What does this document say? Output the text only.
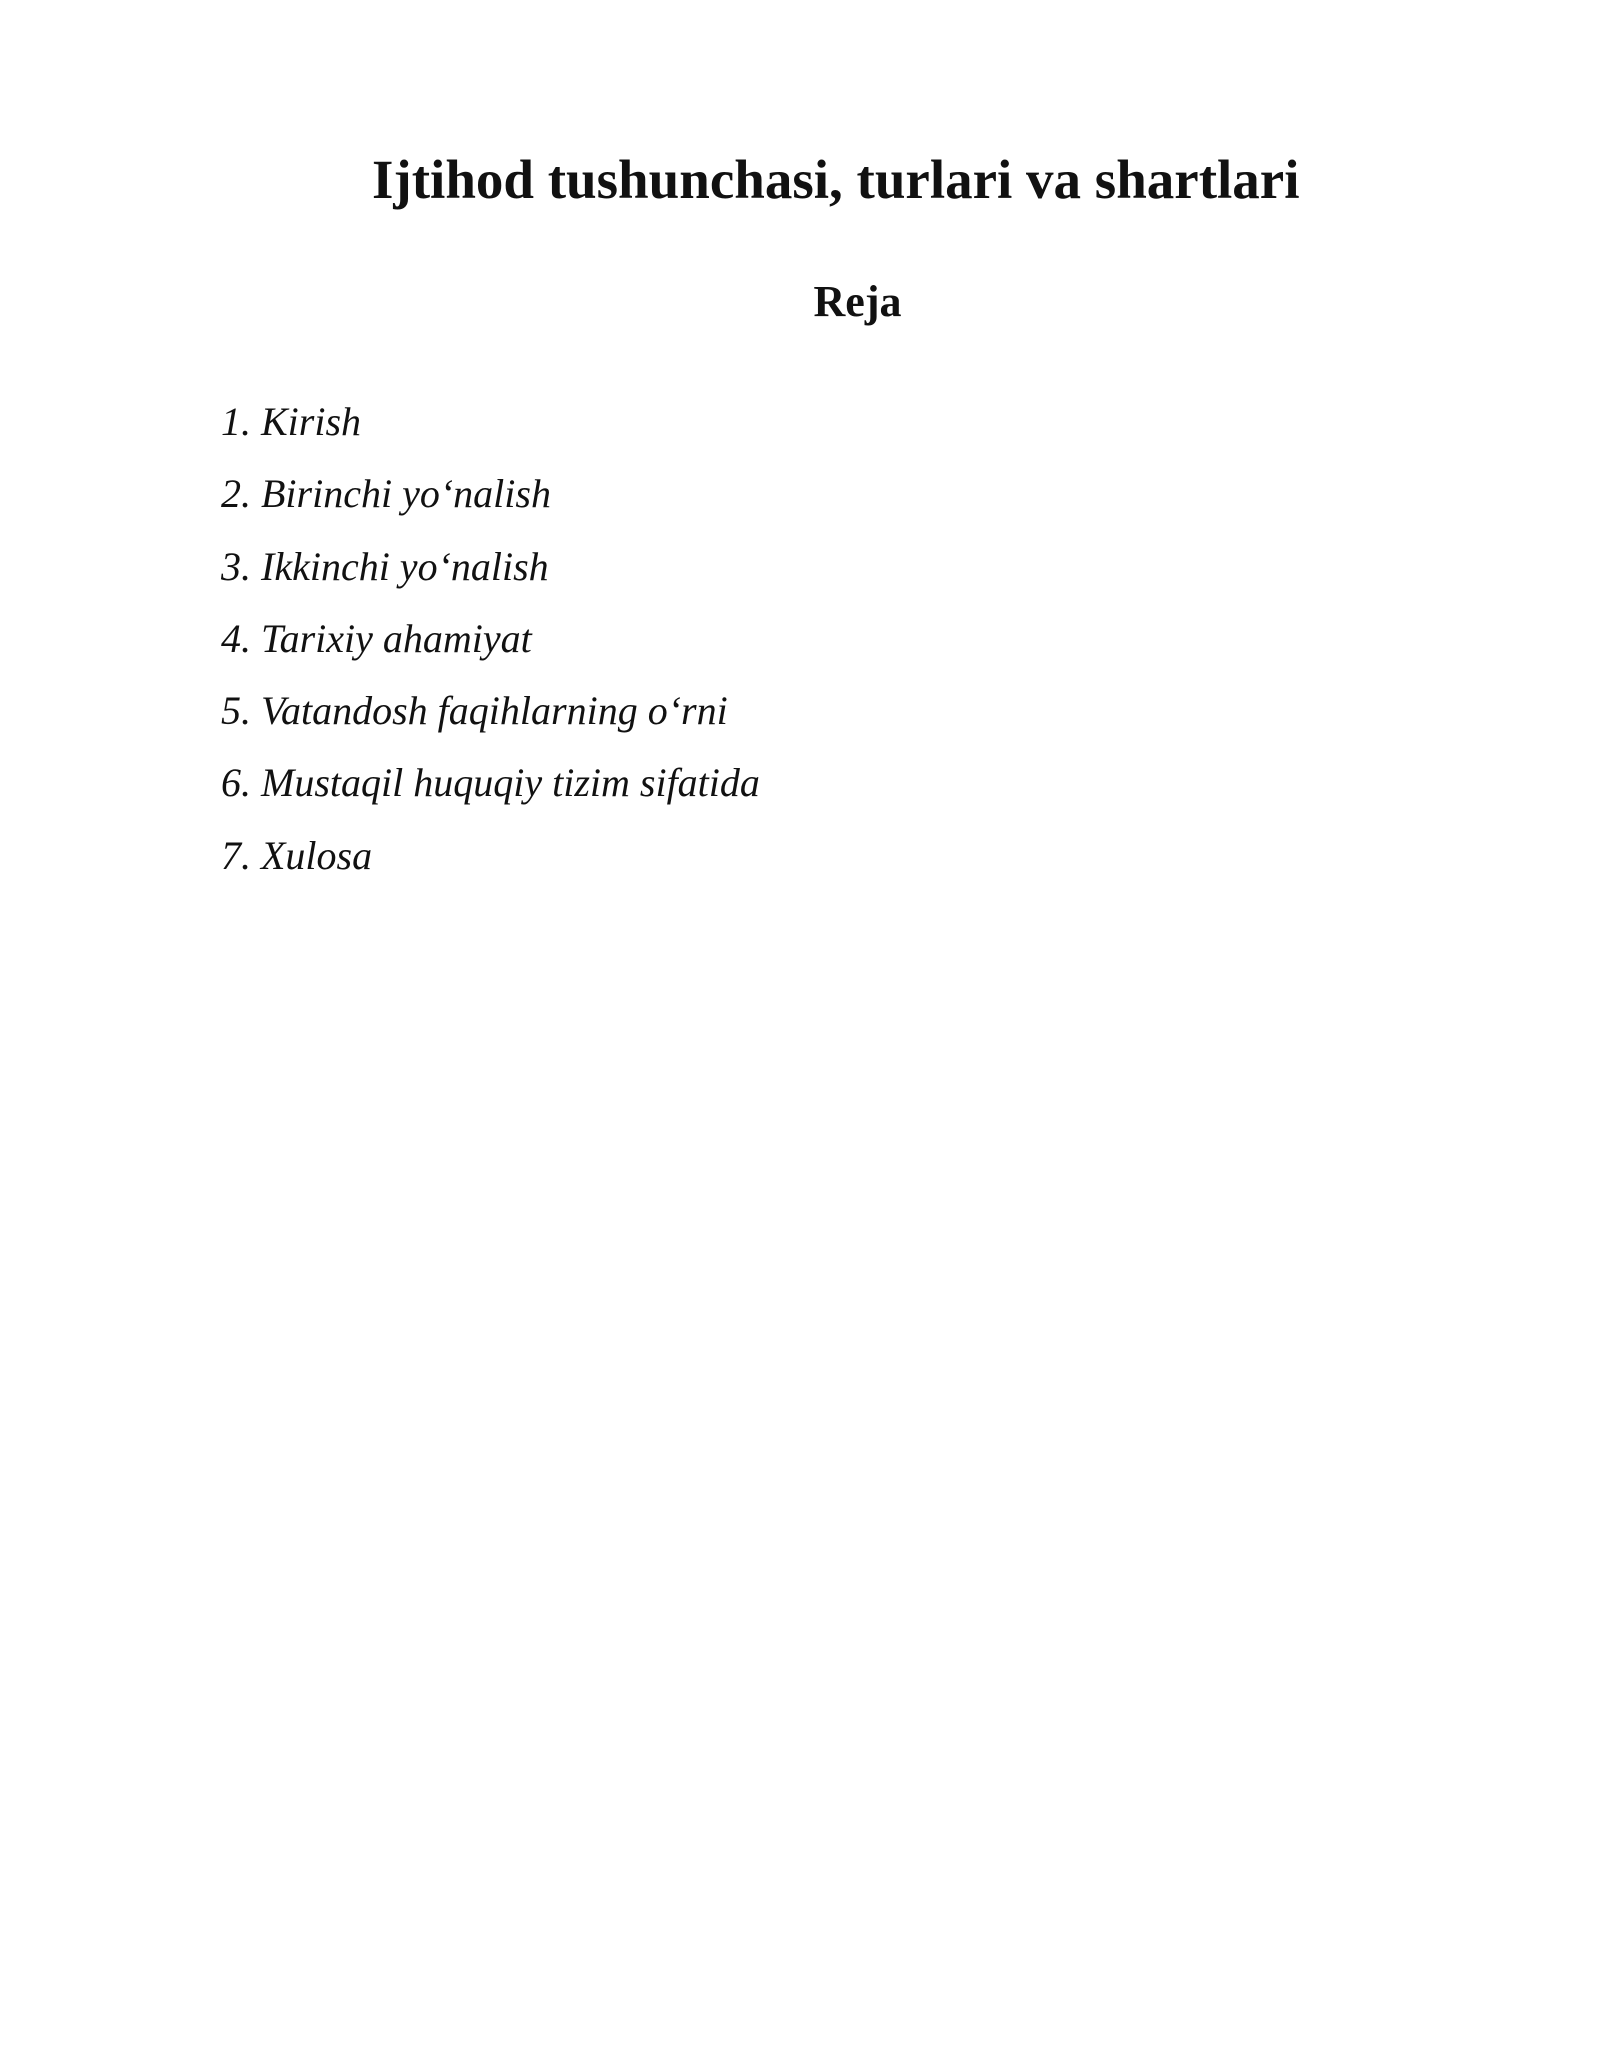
Ijtihod tushunchasi, turlari va shartlari
Reja
1. Kirish
2. Birinchi yo‘nalish
3. Ikkinchi yo‘nalish
4. Tarixiy ahamiyat
5. Vatandosh faqihlarning o‘rni
6. Mustaqil huquqiy tizim sifatida
7. Xulosa
